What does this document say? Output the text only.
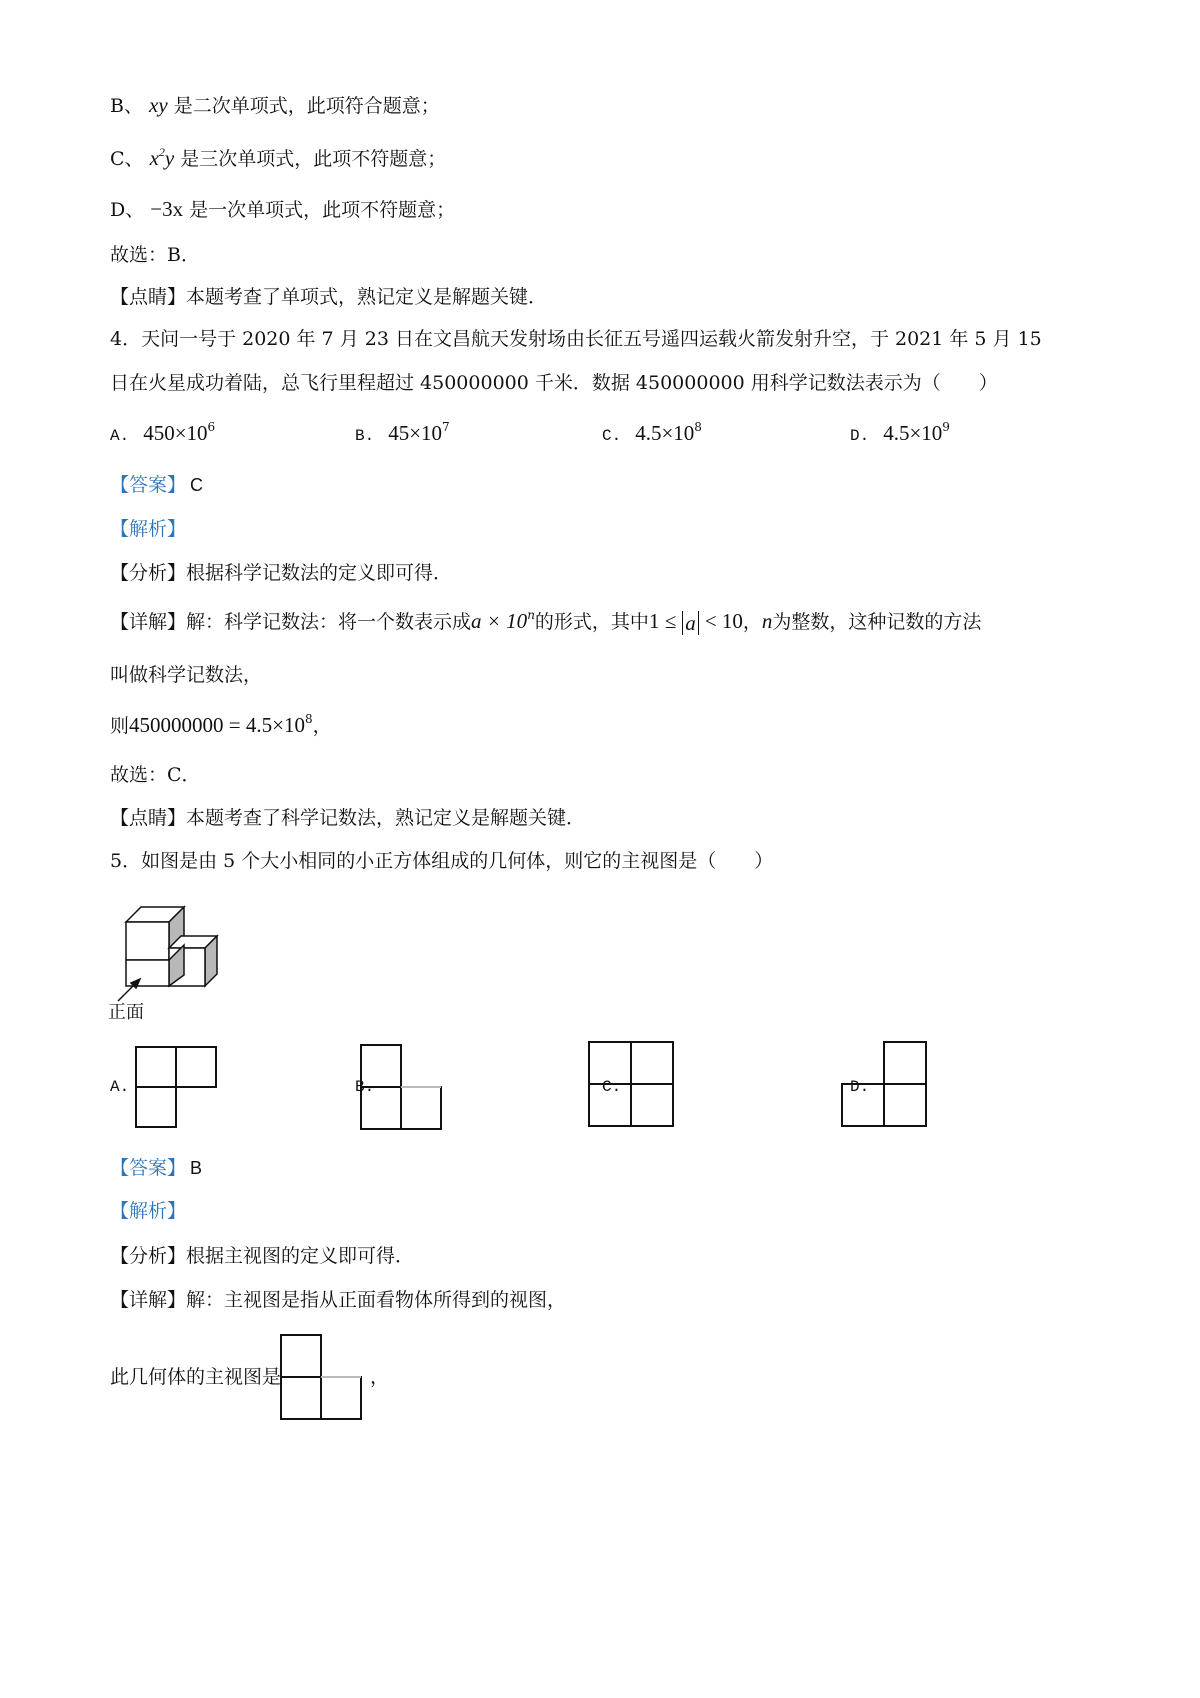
B、 xy 是二次单项式，此项符合题意；
C、 $x^2y$ 是三次单项式，此项不符题意；
D、 −3x 是一次单项式，此项不符题意；
故选：B．
【点睛】本题考查了单项式，熟记定义是解题关键．
4．天问一号于 2020 年 7 月 23 日在文昌航天发射场由长征五号遥四运载火箭发射升空，于 2021 年 5 月 15
日在火星成功着陆，总飞行里程超过 450000000 千米．数据 450000000 用科学记数法表示为（　　）
A. $450\times 10^6$	B. $45\times 10^7$	C. $4.5\times 10^8$	D. $4.5\times 10^9$
【答案】 C
【解析】
【分析】根据科学记数法的定义即可得．
【详解】解：科学记数法：将一个数表示成$a \times 10^n$的形式，其中1 ≤ a < 10，n为整数，这种记数的方法
叫做科学记数法，
则$450000000 = 4.5\times 10^8$，
故选：C．
【点睛】本题考查了科学记数法，熟记定义是解题关键．
5．如图是由 5 个大小相同的小正方体组成的几何体，则它的主视图是（　　）
正面
A.	B.	C.	D.
【答案】 B
【解析】
【分析】根据主视图的定义即可得．
【详解】解：主视图是指从正面看物体所得到的视图，
此几何体的主视图是	，
